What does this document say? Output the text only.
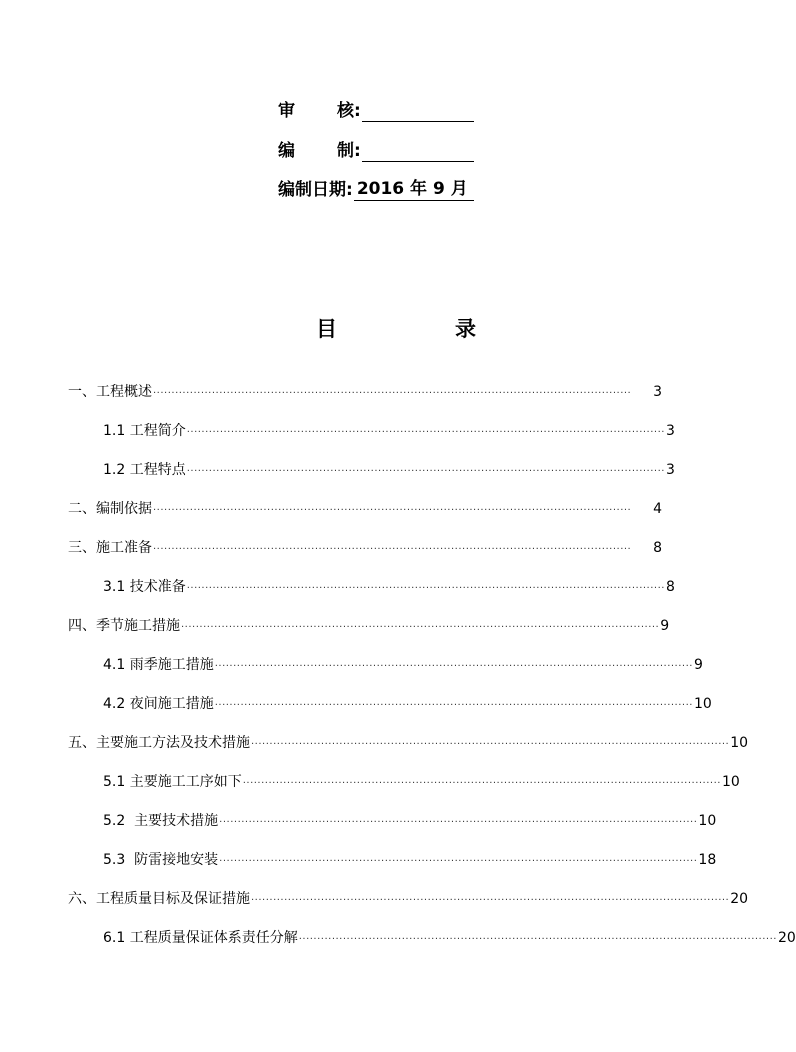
审 核 :
编 制 :
编制日期 : 2016 年 9 月
目	录
一、工程概述 ··································································································································	3
1.1 工程简介 ·································································································································· 3
1.2 工程特点 ·································································································································· 3
二、编制依据 ··································································································································	4
三、施工准备 ··································································································································	8
3.1 技术准备 ·································································································································· 8
四、季节施工措施 ·································································································································· 9
4.1 雨季施工措施 ·································································································································· 9
4.2 夜间施工措施 ·································································································································· 10
五、主要施工方法及技术措施 ·································································································································· 10
5.1 主要施工工序如下 ·································································································································· 10
5.2  主要技术措施 ·································································································································· 10
5.3  防雷接地安装 ·································································································································· 18
六、工程质量目标及保证措施 ·································································································································· 20
6.1 工程质量保证体系责任分解 ·································································································································· 20
